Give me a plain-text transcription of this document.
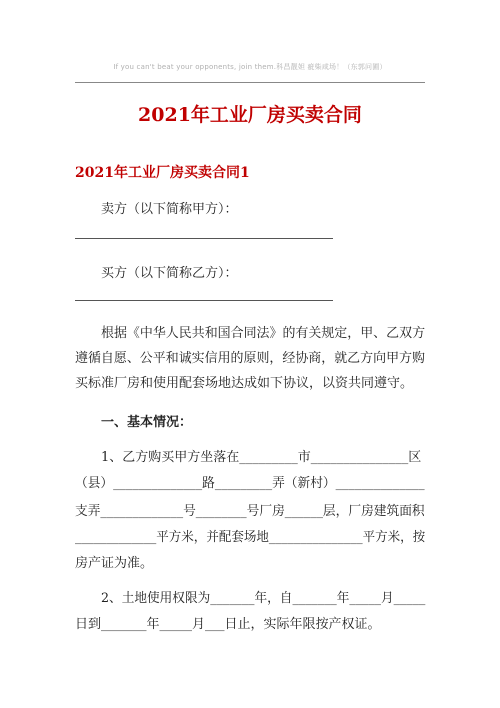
If you can't beat your opponents, join them.科昌靓妲 疵柴咸场！（东郭问圃）
2021年工业厂房买卖合同
2021年工业厂房买卖合同1
卖方（以下简称甲方）：
买方（以下简称乙方）：
根据《中华人民共和国合同法》的有关规定，甲、乙双方
遵循自愿、公平和诚实信用的原则，经协商，就乙方向甲方购
买标准厂房和使用配套场地达成如下协议，以资共同遵守。
一、基本情况：
1、乙方购买甲方坐落在_________市_______________区
（县）______________路_________弄（新村）______________
支弄_____________号________号厂房______层，厂房建筑面积
_____________平方米，并配套场地_______________平方米，按
房产证为准。
2、土地使用权限为_______年，自_______年_____月_____
日到_______年_____月___日止，实际年限按产权证。
